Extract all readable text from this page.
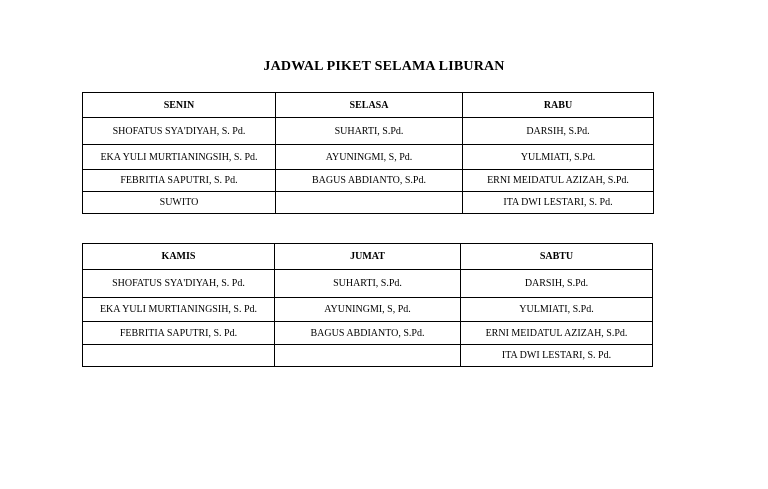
JADWAL PIKET SELAMA LIBURAN
SENIN	SELASA	RABU
SHOFATUS SYA'DIYAH, S. Pd.	SUHARTI, S.Pd.	DARSIH, S.Pd.
EKA YULI MURTIANINGSIH, S. Pd.	AYUNINGMI, S, Pd.	YULMIATI, S.Pd.
FEBRITIA SAPUTRI, S. Pd.	BAGUS ABDIANTO, S.Pd.	ERNI MEIDATUL AZIZAH, S.Pd.
SUWITO		ITA DWI LESTARI, S. Pd.
KAMIS	JUMAT	SABTU
SHOFATUS SYA'DIYAH, S. Pd.	SUHARTI, S.Pd.	DARSIH, S.Pd.
EKA YULI MURTIANINGSIH, S. Pd.	AYUNINGMI, S, Pd.	YULMIATI, S.Pd.
FEBRITIA SAPUTRI, S. Pd.	BAGUS ABDIANTO, S.Pd.	ERNI MEIDATUL AZIZAH, S.Pd.
		ITA DWI LESTARI, S. Pd.
